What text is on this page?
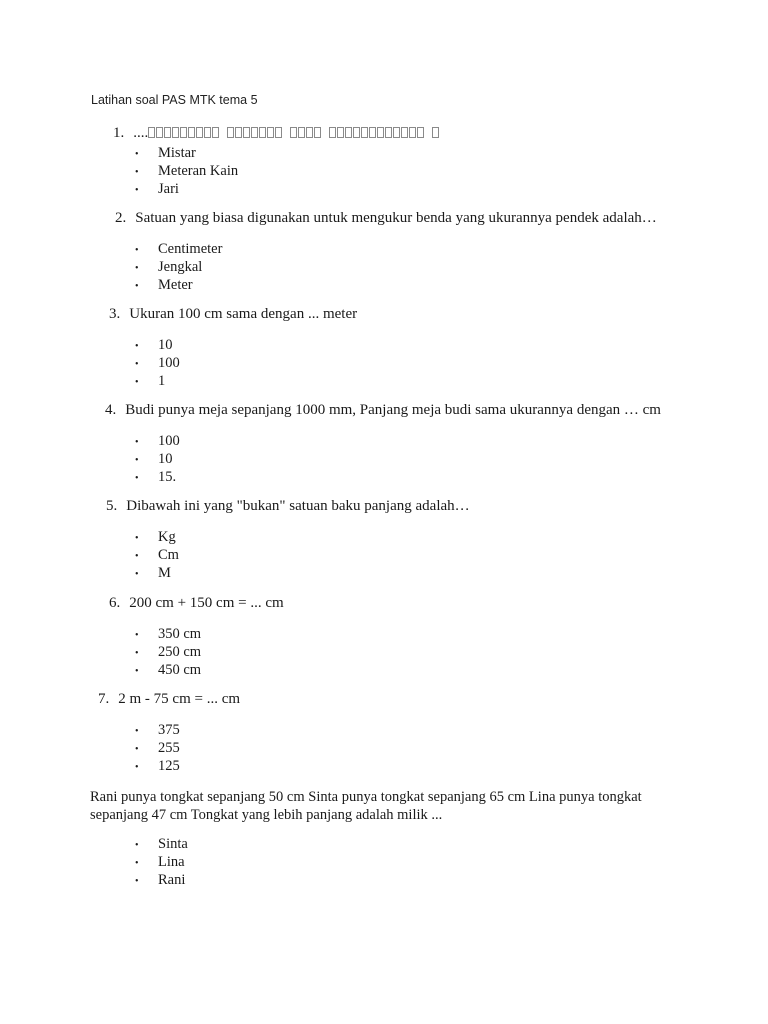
Latihan soal PAS MTK tema 5
1. ....
• Mistar
• Meteran Kain
• Jari
2. Satuan yang biasa digunakan untuk mengukur benda yang ukurannya pendek adalah…
• Centimeter
• Jengkal
• Meter
3. Ukuran 100 cm sama dengan ... meter
• 10
• 100
• 1
4. Budi punya meja sepanjang 1000 mm, Panjang meja budi sama ukurannya dengan … cm
• 100
• 10
• 15.
5. Dibawah ini yang "bukan" satuan baku panjang adalah…
• Kg
• Cm
• M
6. 200 cm + 150 cm = ... cm
• 350 cm
• 250 cm
• 450 cm
7. 2 m - 75 cm = ... cm
• 375
• 255
• 125
Rani punya tongkat sepanjang 50 cm Sinta punya tongkat sepanjang 65 cm Lina punya tongkat sepanjang 47 cm Tongkat yang lebih panjang adalah milik ...
• Sinta
• Lina
• Rani
